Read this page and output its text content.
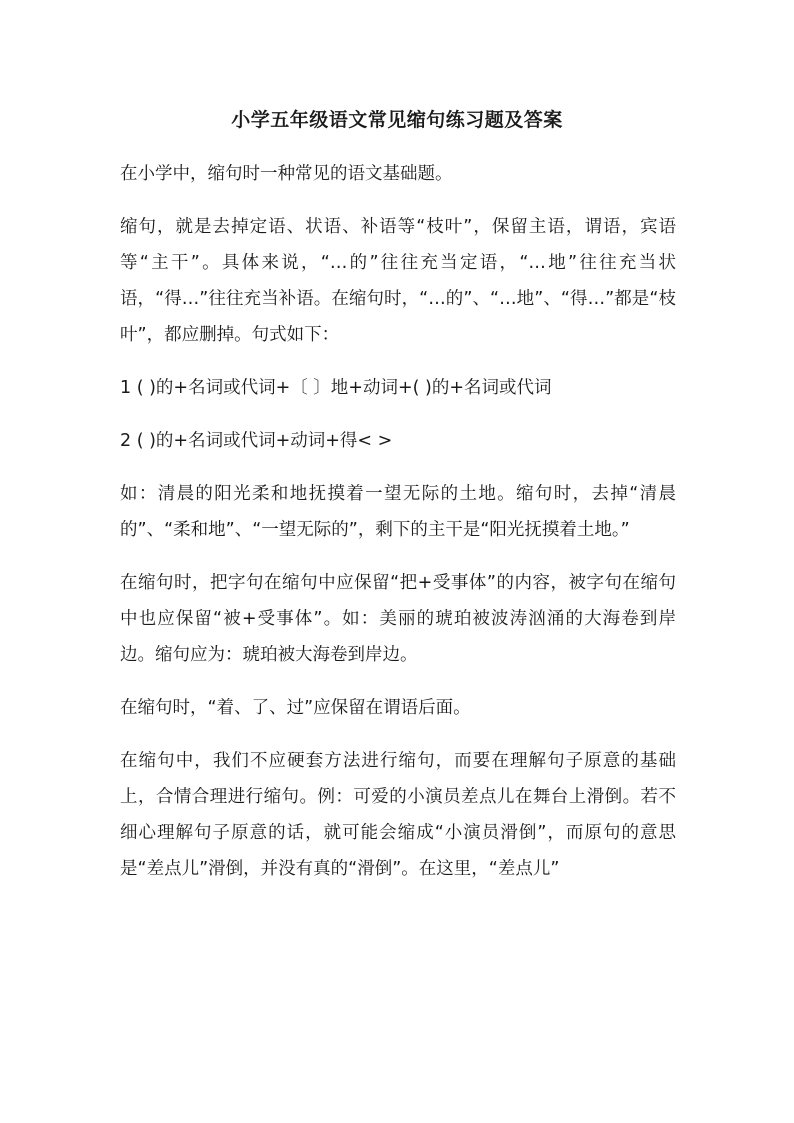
小学五年级语文常见缩句练习题及答案

在小学中，缩句时一种常见的语文基础题。

缩句，就是去掉定语、状语、补语等“枝叶”，保留主语，谓语，宾语等“主干”。具体来说，“…的”往往充当定语，“…地”往往充当状语，“得…”往往充当补语。在缩句时，“…的”、“…地”、“得…”都是“枝叶”，都应删掉。句式如下：

1 ( )的+名词或代词+〔 〕地+动词+( )的+名词或代词

2 ( )的+名词或代词+动词+得< >

如：清晨的阳光柔和地抚摸着一望无际的土地。缩句时，去掉“清晨的”、“柔和地”、“一望无际的”，剩下的主干是“阳光抚摸着土地。”

在缩句时，把字句在缩句中应保留“把+受事体”的内容，被字句在缩句中也应保留“被+受事体”。如：美丽的琥珀被波涛汹涌的大海卷到岸边。缩句应为：琥珀被大海卷到岸边。

在缩句时，“着、了、过”应保留在谓语后面。

在缩句中，我们不应硬套方法进行缩句，而要在理解句子原意的基础上，合情合理进行缩句。例：可爱的小演员差点儿在舞台上滑倒。若不细心理解句子原意的话，就可能会缩成“小演员滑倒”，而原句的意思是“差点儿”滑倒，并没有真的“滑倒”。在这里，“差点儿”
